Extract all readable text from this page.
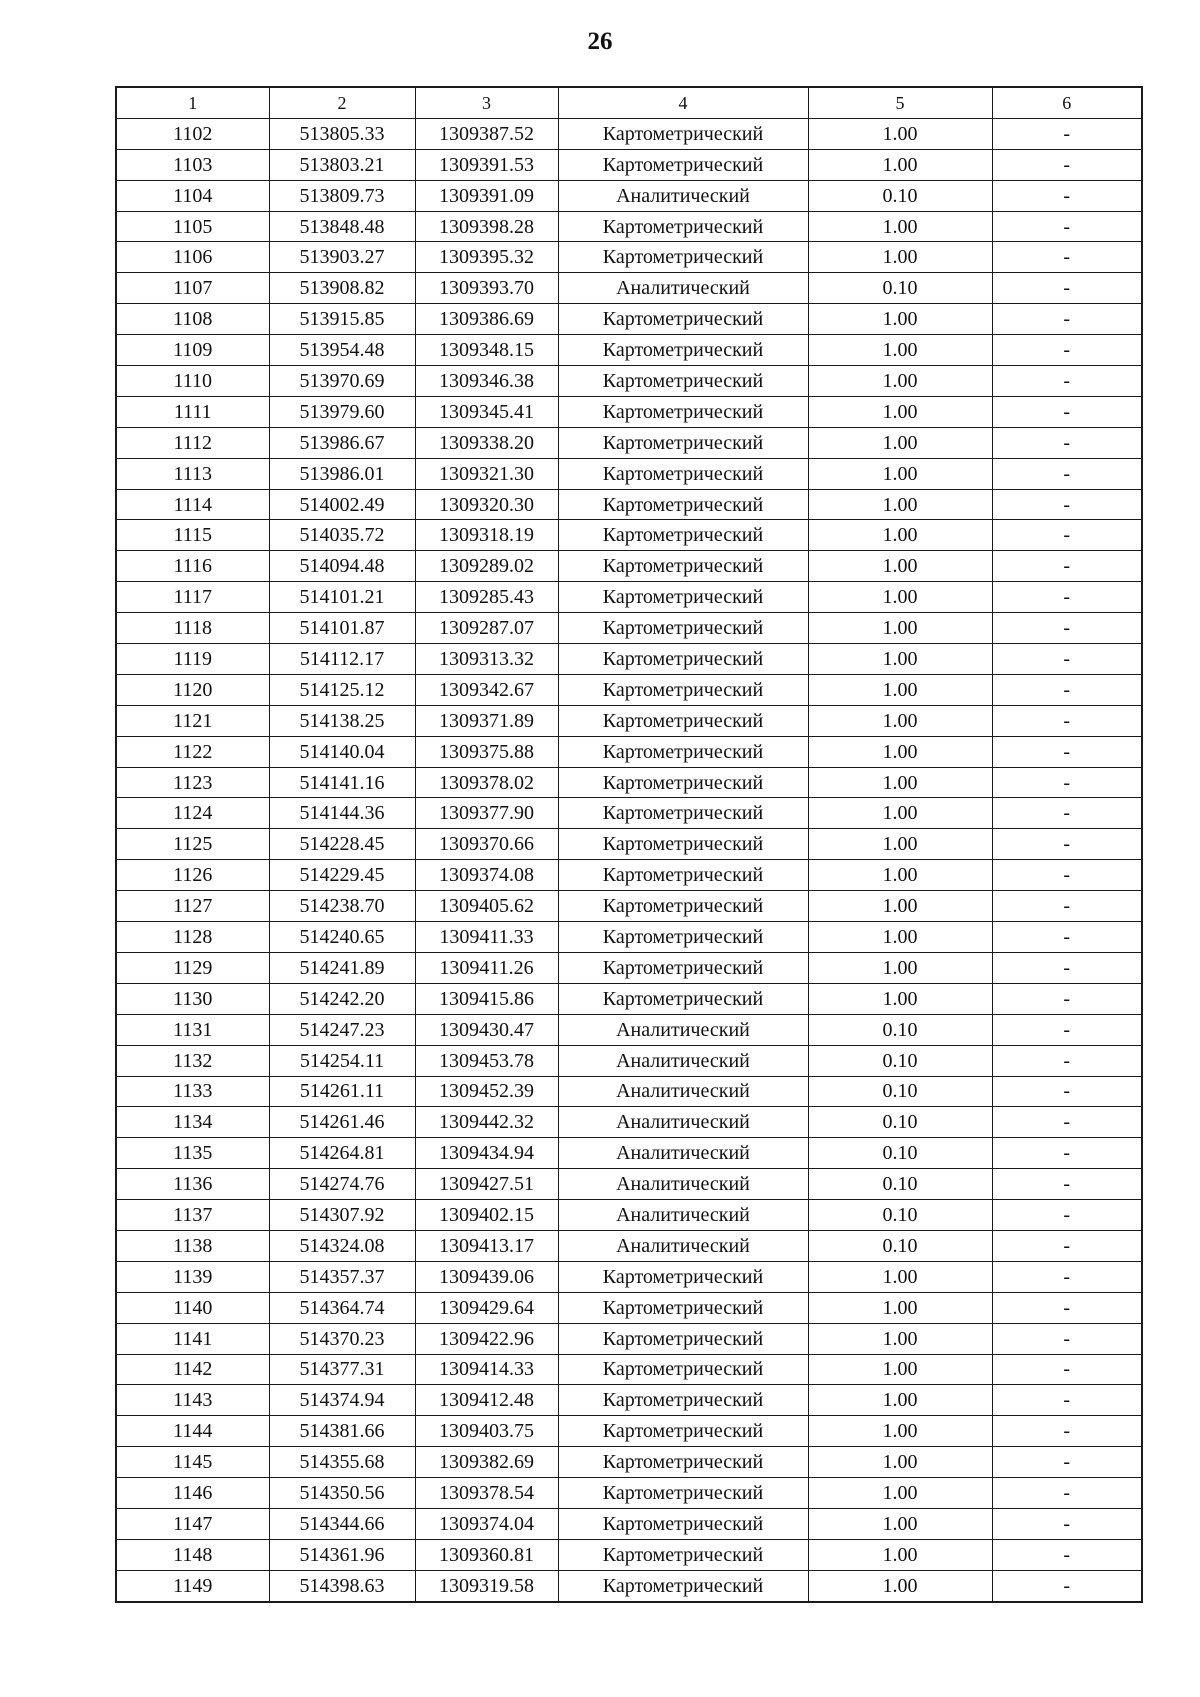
26
1	2	3	4	5	6
1102	513805.33	1309387.52	Картометрический	1.00	-
1103	513803.21	1309391.53	Картометрический	1.00	-
1104	513809.73	1309391.09	Аналитический	0.10	-
1105	513848.48	1309398.28	Картометрический	1.00	-
1106	513903.27	1309395.32	Картометрический	1.00	-
1107	513908.82	1309393.70	Аналитический	0.10	-
1108	513915.85	1309386.69	Картометрический	1.00	-
1109	513954.48	1309348.15	Картометрический	1.00	-
1110	513970.69	1309346.38	Картометрический	1.00	-
1111	513979.60	1309345.41	Картометрический	1.00	-
1112	513986.67	1309338.20	Картометрический	1.00	-
1113	513986.01	1309321.30	Картометрический	1.00	-
1114	514002.49	1309320.30	Картометрический	1.00	-
1115	514035.72	1309318.19	Картометрический	1.00	-
1116	514094.48	1309289.02	Картометрический	1.00	-
1117	514101.21	1309285.43	Картометрический	1.00	-
1118	514101.87	1309287.07	Картометрический	1.00	-
1119	514112.17	1309313.32	Картометрический	1.00	-
1120	514125.12	1309342.67	Картометрический	1.00	-
1121	514138.25	1309371.89	Картометрический	1.00	-
1122	514140.04	1309375.88	Картометрический	1.00	-
1123	514141.16	1309378.02	Картометрический	1.00	-
1124	514144.36	1309377.90	Картометрический	1.00	-
1125	514228.45	1309370.66	Картометрический	1.00	-
1126	514229.45	1309374.08	Картометрический	1.00	-
1127	514238.70	1309405.62	Картометрический	1.00	-
1128	514240.65	1309411.33	Картометрический	1.00	-
1129	514241.89	1309411.26	Картометрический	1.00	-
1130	514242.20	1309415.86	Картометрический	1.00	-
1131	514247.23	1309430.47	Аналитический	0.10	-
1132	514254.11	1309453.78	Аналитический	0.10	-
1133	514261.11	1309452.39	Аналитический	0.10	-
1134	514261.46	1309442.32	Аналитический	0.10	-
1135	514264.81	1309434.94	Аналитический	0.10	-
1136	514274.76	1309427.51	Аналитический	0.10	-
1137	514307.92	1309402.15	Аналитический	0.10	-
1138	514324.08	1309413.17	Аналитический	0.10	-
1139	514357.37	1309439.06	Картометрический	1.00	-
1140	514364.74	1309429.64	Картометрический	1.00	-
1141	514370.23	1309422.96	Картометрический	1.00	-
1142	514377.31	1309414.33	Картометрический	1.00	-
1143	514374.94	1309412.48	Картометрический	1.00	-
1144	514381.66	1309403.75	Картометрический	1.00	-
1145	514355.68	1309382.69	Картометрический	1.00	-
1146	514350.56	1309378.54	Картометрический	1.00	-
1147	514344.66	1309374.04	Картометрический	1.00	-
1148	514361.96	1309360.81	Картометрический	1.00	-
1149	514398.63	1309319.58	Картометрический	1.00	-
